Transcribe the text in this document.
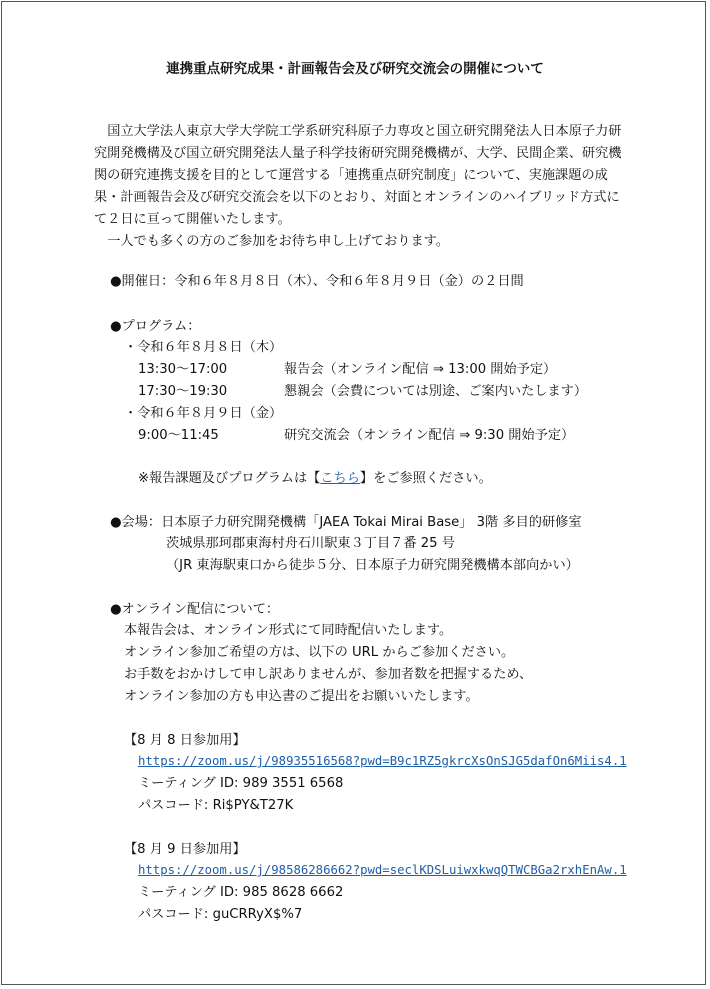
連携重点研究成果・計画報告会及び研究交流会の開催について
国立大学法人東京大学大学院工学系研究科原子力専攻と国立研究開発法人日本原子力研究開発機構及び国立研究開発法人量子科学技術研究開発機構が、大学、民間企業、研究機関の研究連携支援を目的として運営する「連携重点研究制度」について、実施課題の成果・計画報告会及び研究交流会を以下のとおり、対面とオンラインのハイブリッド方式にて２日に亘って開催いたします。
一人でも多くの方のご参加をお待ち申し上げております。
●開催日：令和６年８月８日（木）、令和６年８月９日（金）の２日間
●プログラム：
・令和６年８月８日（木）
13:30～17:00	報告会（オンライン配信 ⇒ 13:00 開始予定）
17:30～19:30	懇親会（会費については別途、ご案内いたします）
・令和６年８月９日（金）
9:00～11:45	研究交流会（オンライン配信 ⇒ 9:30 開始予定）
※報告課題及びプログラムは【こちら】をご参照ください。
●会場：日本原子力研究開発機構「JAEA Tokai Mirai Base」 3階 多目的研修室
茨城県那珂郡東海村舟石川駅東３丁目７番 25 号
（JR 東海駅東口から徒歩５分、日本原子力研究開発機構本部向かい）
●オンライン配信について：
本報告会は、オンライン形式にて同時配信いたします。
オンライン参加ご希望の方は、以下の URL からご参加ください。
お手数をおかけして申し訳ありませんが、参加者数を把握するため、
オンライン参加の方も申込書のご提出をお願いいたします。
【8 月 8 日参加用】
https://zoom.us/j/98935516568?pwd=B9c1RZ5gkrcXsOnSJG5dafOn6Miis4.1
ミーティング ID: 989 3551 6568
パスコード: Ri$PY&T27K
【8 月 9 日参加用】
https://zoom.us/j/98586286662?pwd=seclKDSLuiwxkwqQTWCBGa2rxhEnAw.1
ミーティング ID: 985 8628 6662
パスコード: guCRRyX$%7
